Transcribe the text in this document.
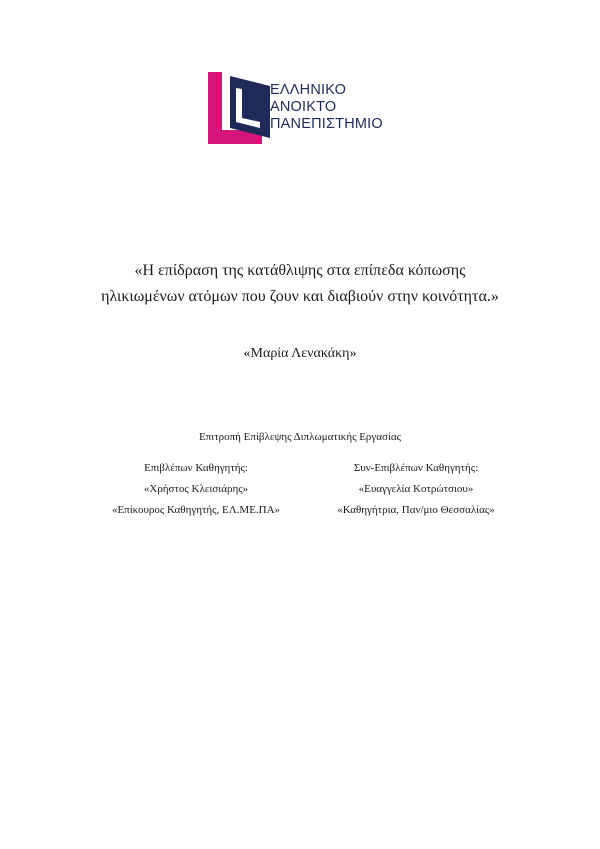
ΕΛΛΗΝΙΚΟ
ΑΝΟΙΚΤΟ
ΠΑΝΕΠΙΣΤΗΜΙΟ
«Η επίδραση της κατάθλιψης στα επίπεδα κόπωσης
ηλικιωμένων ατόμων που ζουν και διαβιούν στην κοινότητα.»
«Μαρία Λενακάκη»
Επιτροπή Επίβλεψης Διπλωματικής Εργασίας
Επιβλέπων Καθηγητής:
«Χρήστος Κλεισιάρης»
«Επίκουρος Καθηγητής, ΕΛ.ΜΕ.ΠΑ»
Συν-Επιβλέπων Καθηγητής:
«Ευαγγελία Κοτρώτσιου»
«Καθηγήτρια, Παν/μιο Θεσσαλίας»
